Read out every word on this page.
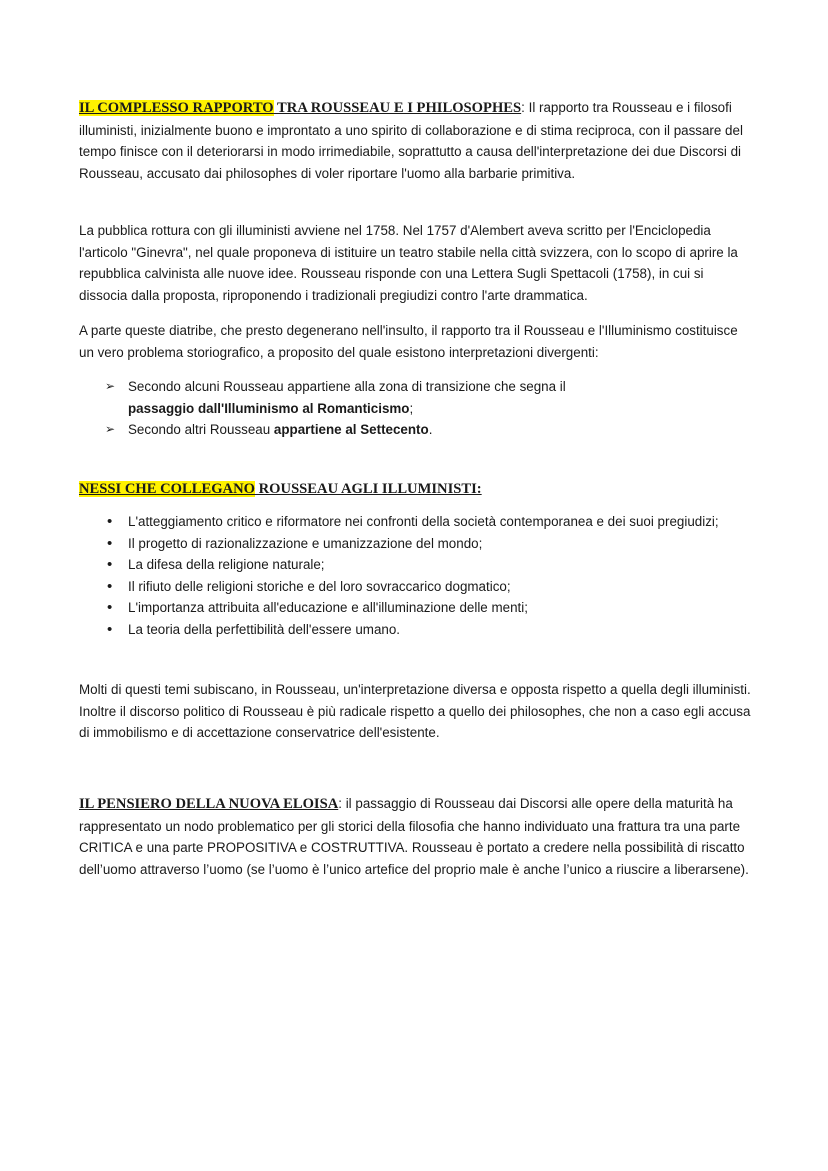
IL COMPLESSO RAPPORTO TRA ROUSSEAU E I PHILOSOPHES: Il rapporto tra Rousseau e i filosofi illuministi, inizialmente buono e improntato a uno spirito di collaborazione e di stima reciproca, con il passare del tempo finisce con il deteriorarsi in modo irrimediabile, soprattutto a causa dell'interpretazione dei due Discorsi di Rousseau, accusato dai philosophes di voler riportare l'uomo alla barbarie primitiva.

La pubblica rottura con gli illuministi avviene nel 1758. Nel 1757 d'Alembert aveva scritto per l'Enciclopedia l'articolo "Ginevra", nel quale proponeva di istituire un teatro stabile nella città svizzera, con lo scopo di aprire la repubblica calvinista alle nuove idee. Rousseau risponde con una Lettera Sugli Spettacoli (1758), in cui si dissocia dalla proposta, riproponendo i tradizionali pregiudizi contro l'arte drammatica.

A parte queste diatribe, che presto degenerano nell'insulto, il rapporto tra il Rousseau e l'Illuminismo costituisce un vero problema storiografico, a proposito del quale esistono interpretazioni divergenti:

➢ Secondo alcuni Rousseau appartiene alla zona di transizione che segna il
passaggio dall'Illuminismo al Romanticismo;
➢ Secondo altri Rousseau appartiene al Settecento.

NESSI CHE COLLEGANO ROUSSEAU AGLI ILLUMINISTI:

• L'atteggiamento critico e riformatore nei confronti della società contemporanea e dei suoi pregiudizi;
• Il progetto di razionalizzazione e umanizzazione del mondo;
• La difesa della religione naturale;
• Il rifiuto delle religioni storiche e del loro sovraccarico dogmatico;
• L'importanza attribuita all'educazione e all'illuminazione delle menti;
• La teoria della perfettibilità dell'essere umano.

Molti di questi temi subiscano, in Rousseau, un'interpretazione diversa e opposta rispetto a quella degli illuministi. Inoltre il discorso politico di Rousseau è più radicale rispetto a quello dei philosophes, che non a caso egli accusa di immobilismo e di accettazione conservatrice dell'esistente.

IL PENSIERO DELLA NUOVA ELOISA: il passaggio di Rousseau dai Discorsi alle opere della maturità ha rappresentato un nodo problematico per gli storici della filosofia che hanno individuato una frattura tra una parte CRITICA e una parte PROPOSITIVA e COSTRUTTIVA. Rousseau è portato a credere nella possibilità di riscatto dell’uomo attraverso l’uomo (se l’uomo è l’unico artefice del proprio male è anche l’unico a riuscire a liberarsene).
